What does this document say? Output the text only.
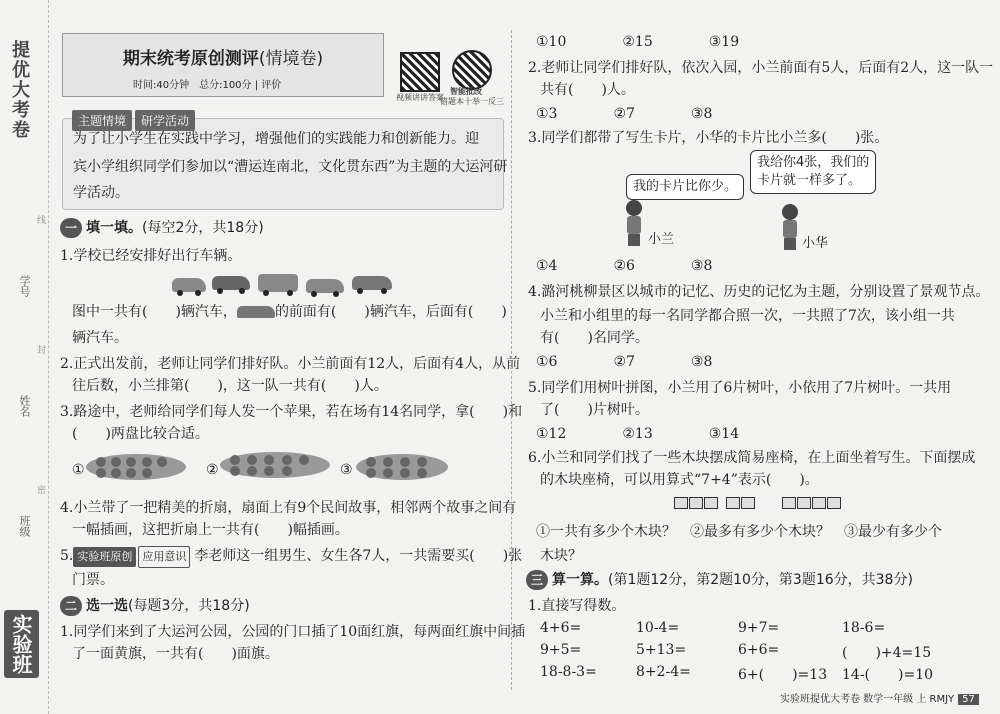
提优大考卷
学号
姓名
班级
线
封
密
实验班
期末统考原创测评(情境卷)
时间:40分钟　总分:100分 | 评价
视频讲讲答案
智能批改
错题本十举一反三
为了让小学生在实践中学习，增强他们的实践能力和创新能力。迎
宾小学组织同学们参加以“漕运连南北，文化贯东西”为主题的大运河研
学活动。
主题情境 研学活动
一 填一填。(每空2分，共18分)
1.学校已经安排好出行车辆。
图中一共有(　　)辆汽车，	的前面有(　　)辆汽车，后面有(　　)
辆汽车。
2.正式出发前，老师让同学们排好队。小兰前面有12人，后面有4人，从前
往后数，小兰排第(　　)，这一队一共有(　　)人。
3.路途中，老师给同学们每人发一个苹果，若在场有14名同学，拿(　　)和
(　　)两盘比较合适。
①	②	③
4.小兰带了一把精美的折扇，扇面上有9个民间故事，相邻两个故事之间有
一幅插画，这把折扇上一共有(　　)幅插画。
5. 实验班原创 应用意识 李老师这一组男生、女生各7人，一共需要买(　　)张
门票。
二 选一选(每题3分，共18分)
1.同学们来到了大运河公园，公园的门口插了10面红旗，每两面红旗中间插
了一面黄旗，一共有(　　)面旗。
①10　　　　②15　　　　③19
2.老师让同学们排好队，依次入园，小兰前面有5人，后面有2人，这一队一
共有(　　)人。
①3　　　　②7　　　　③8
3.同学们都带了写生卡片，小华的卡片比小兰多(　　)张。
我的卡片比你少。
我给你4张，我们的
卡片就一样多了。
小兰	小华
①4　　　　②6　　　　③8
4.潞河桃柳景区以城市的记忆、历史的记忆为主题，分别设置了景观节点。
小兰和小组里的每一名同学都合照一次，一共照了7次，该小组一共
有(　　)名同学。
①6　　　　②7　　　　③8
5.同学们用树叶拼图，小兰用了6片树叶，小依用了7片树叶。一共用
了(　　)片树叶。
①12　　　　②13　　　　③14
6.小兰和同学们找了一些木块摆成简易座椅，在上面坐着写生。下面摆成
的木块座椅，可以用算式“7+4”表示(　　)。
①一共有多少个木块？　②最多有多少个木块？　③最少有多少个
木块？
三 算一算。(第1题12分，第2题10分，第3题16分，共38分)
1.直接写得数。
4+6=	10-4=	9+7=	18-6=
9+5=	5+13=	6+6=	(　　)+4=15
18-8-3=	8+2-4=	6+(　　)=13 14-(　　)=10
实验班提优大考卷 数学一年级 上 RMJY 57
